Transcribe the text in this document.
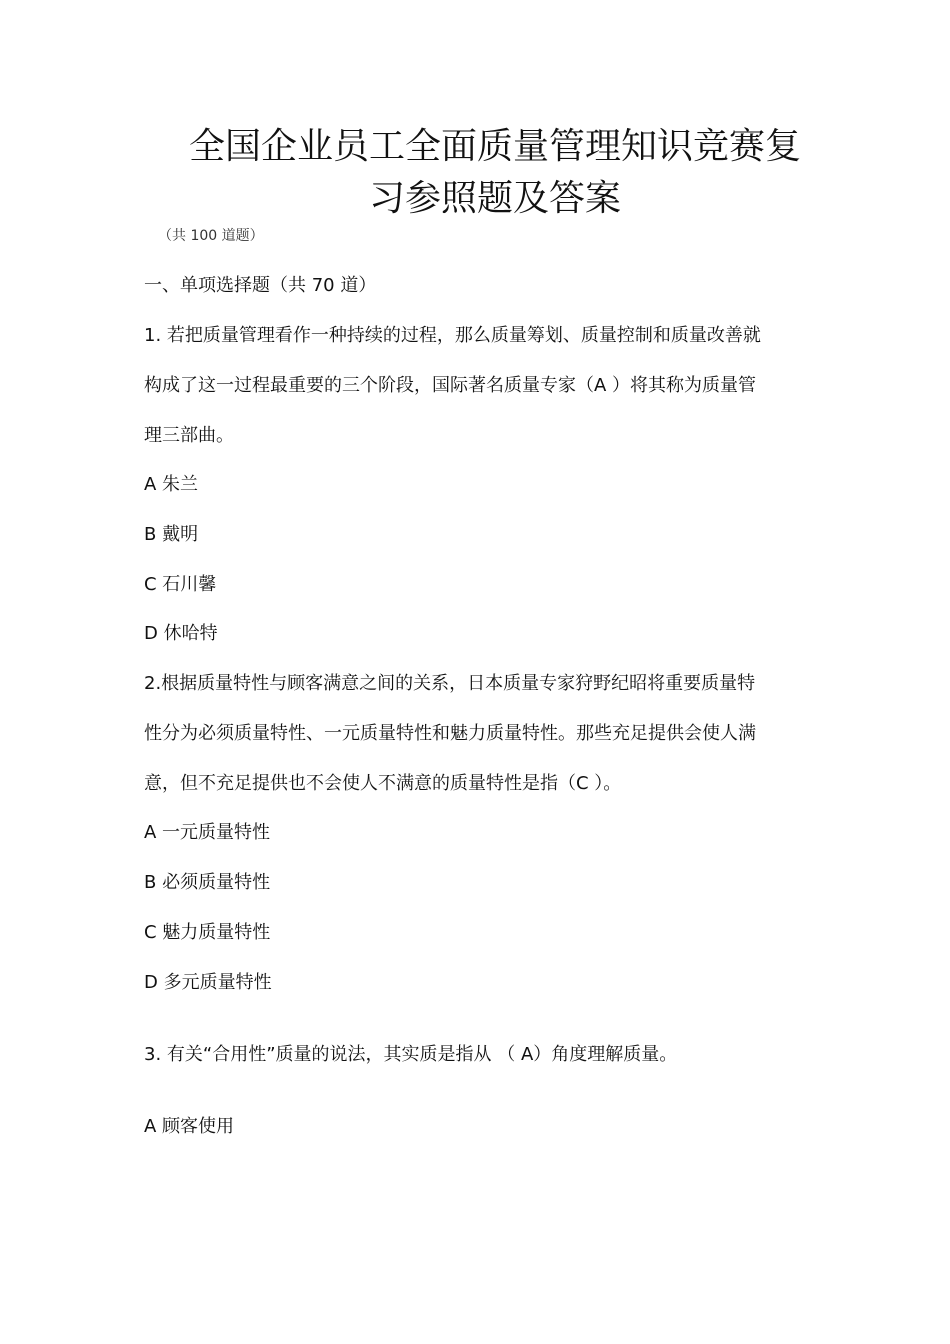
全国企业员工全面质量管理知识竞赛复
习参照题及答案
（共 100 道题）
一、单项选择题（共 70 道）
1. 若把质量管理看作一种持续的过程，那么质量筹划、质量控制和质量改善就
构成了这一过程最重要的三个阶段，国际著名质量专家（A ）将其称为质量管
理三部曲。
A 朱兰
B 戴明
C 石川馨
D 休哈特
2.根据质量特性与顾客满意之间的关系，日本质量专家狩野纪昭将重要质量特
性分为必须质量特性、一元质量特性和魅力质量特性。那些充足提供会使人满
意，但不充足提供也不会使人不满意的质量特性是指（C ）。
A 一元质量特性
B 必须质量特性
C 魅力质量特性
D 多元质量特性
3. 有关“合用性”质量的说法，其实质是指从 （ A）角度理解质量。
A 顾客使用
